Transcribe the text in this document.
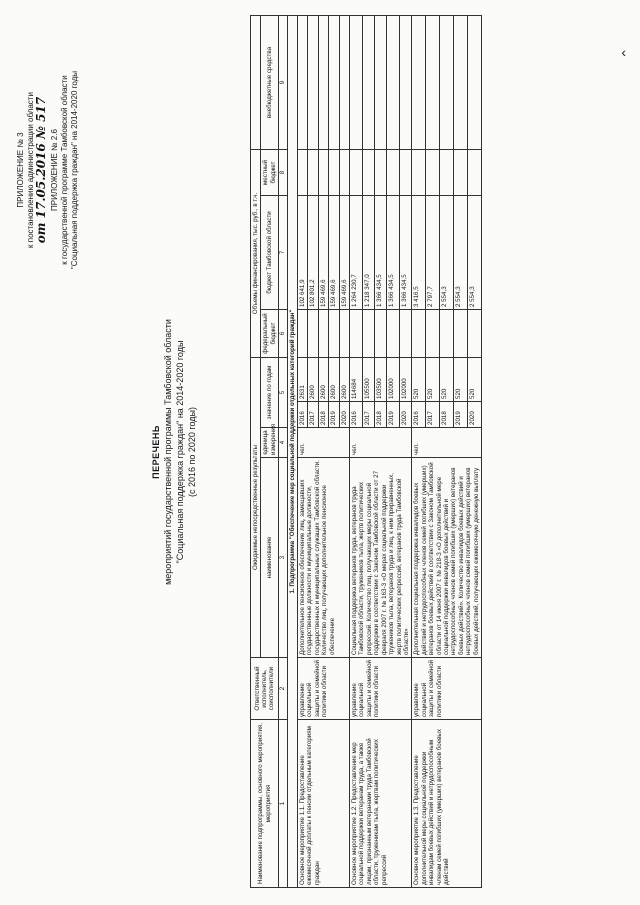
ПРИЛОЖЕНИЕ № 3 к постановлению администрации области от 17.05.2016 № 517 ПРИЛОЖЕНИЕ № 2.6 к государственной программе Тамбовской области "Социальная поддержка граждан" на 2014-2020 годы
ПЕРЕЧЕНЬ мероприятий государственной программы Тамбовской области "Социальная поддержка граждан" на 2014-2020 годы (с 2016 по 2020 годы)
Наименование подпрограммы, основного мероприятия, мероприятия	Ответственный исполнитель, соисполнители	Ожидаемые непосредственные результаты				Объемы финансирования, тыс. руб., в т.ч.			
		наименование	единица измерения	значение по годам		федеральный бюджет	бюджет Тамбовской области	местный бюджет	внебюджетные средства
1	2	3	4	5		6	7	8	9
1. Подпрограмма "Обеспечение мер социальной поддержки отдельных категорий граждан"									
Основное мероприятие 1.1. Предоставление ежемесячной доплаты к пенсии отдельным категориям граждан	управление социальной защиты и семейной политики области	Дополнительное пенсионное обеспечение лиц, замещавших государственные должности и муниципальные должности, государственных и муниципальных служащих Тамбовской области. Количество лиц, получающих дополнительное пенсионное обеспечение	чел.	2016	2631		102 641,9		
				2017	2600		102 801,2		
				2018	2600		159 469,6		
				2019	2600		159 469,6		
				2020	2600		159 469,6		
Основное мероприятие 1.2. Предоставление мер социальной поддержки ветеранам труда, а также лицам, признанным ветеранами труда Тамбовской области, труженикам тыла, жертвам политических репрессий	управление социальной защиты и семейной политики области	Социальная поддержка ветеранов труда, ветеранов труда Тамбовской области, тружеников тыла, жертв политических репрессий. Количество лиц, получающих меры социальной поддержки в соответствии с Законом Тамбовской области от 27 февраля 2007 г. № 163-З «О мерах социальной поддержки тружеников тыла, ветеранов труда и лиц, к ним приравненных, жертв политических репрессий, ветеранов труда Тамбовской области»	чел.	2016	114684		1 264 230,7		
				2017	105500		1 218 347,0		
				2018	103500		1 366 434,5		
				2019	102000		1 366 434,5		
				2020	102000		1 366 434,5		
Основное мероприятие 1.3. Предоставление дополнительной меры социальной поддержки инвалидам боевых действий и нетрудоспособным членам семей погибших (умерших) ветеранов боевых действий	управление социальной защиты и семейной политики области	Дополнительная социальная поддержка инвалидов боевых действий и нетрудоспособных членов семей погибших (умерших) ветеранов боевых действий в соответствии с Законом Тамбовской области от 14 июня 2007 г. № 218-З «О дополнительной мере социальной поддержки инвалидов боевых действий и нетрудоспособных членов семей погибших (умерших) ветеранов боевых действий». Количество инвалидов боевых действий и нетрудоспособных членов семей погибших (умерших) ветеранов боевых действий, получающих ежемесячную денежную выплату	чел.	2016	520		3 416,5		
				2017	520		2 797,7		
				2018	520		2 554,3		
				2019	520		2 554,3		
				2020	520		2 554,3		
‹
